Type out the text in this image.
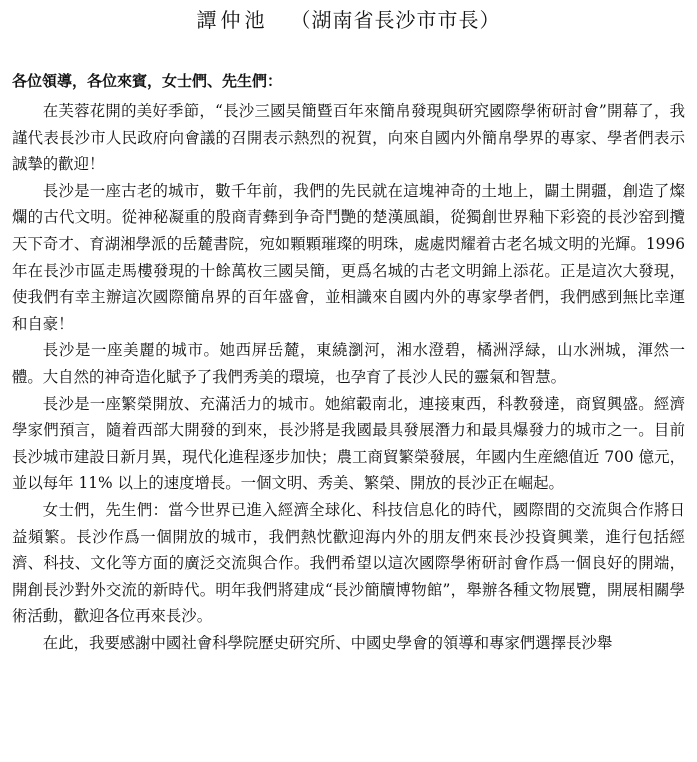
譚仲池 （湖南省長沙市市長）
各位領導，各位來賓，女士們、先生們：

在芙蓉花開的美好季節，“長沙三國吴簡暨百年來簡帛發現與研究國際學術研討會”開幕了，我謹代表長沙市人民政府向會議的召開表示熱烈的祝賀，向來自國内外簡帛學界的專家、學者們表示誠摯的歡迎！

長沙是一座古老的城市，數千年前，我們的先民就在這塊神奇的土地上，闢土開疆，創造了燦爛的古代文明。從神秘凝重的殷商青彝到争奇鬥艷的楚漢風韻，從獨創世界釉下彩瓷的長沙窑到攬天下奇才、育湖湘學派的岳麓書院，宛如顆顆璀璨的明珠，處處閃耀着古老名城文明的光輝。1996 年在長沙市區走馬樓發現的十餘萬枚三國吴簡，更爲名城的古老文明錦上添花。正是這次大發現，使我們有幸主辦這次國際簡帛界的百年盛會，並相識來自國内外的專家學者們，我們感到無比幸運和自豪！

長沙是一座美麗的城市。她西屏岳麓，東繞瀏河，湘水澄碧，橘洲浮緑，山水洲城，渾然一體。大自然的神奇造化賦予了我們秀美的環境，也孕育了長沙人民的靈氣和智慧。

長沙是一座繁榮開放、充滿活力的城市。她綰轂南北，連接東西，科教發達，商貿興盛。經濟學家們預言，隨着西部大開發的到來，長沙將是我國最具發展潛力和最具爆發力的城市之一。目前長沙城市建設日新月異，現代化進程逐步加快；農工商貿繁榮發展，年國内生産總值近 700 億元，並以每年 11% 以上的速度增長。一個文明、秀美、繁榮、開放的長沙正在崛起。

女士們，先生們：當今世界已進入經濟全球化、科技信息化的時代，國際間的交流與合作將日益頻繁。長沙作爲一個開放的城市，我們熱忱歡迎海内外的朋友們來長沙投資興業，進行包括經濟、科技、文化等方面的廣泛交流與合作。我們希望以這次國際學術研討會作爲一個良好的開端，開創長沙對外交流的新時代。明年我們將建成“長沙簡牘博物館”，舉辦各種文物展覽，開展相關學術活動，歡迎各位再來長沙。

在此，我要感謝中國社會科學院歷史研究所、中國史學會的領導和專家們選擇長沙舉
